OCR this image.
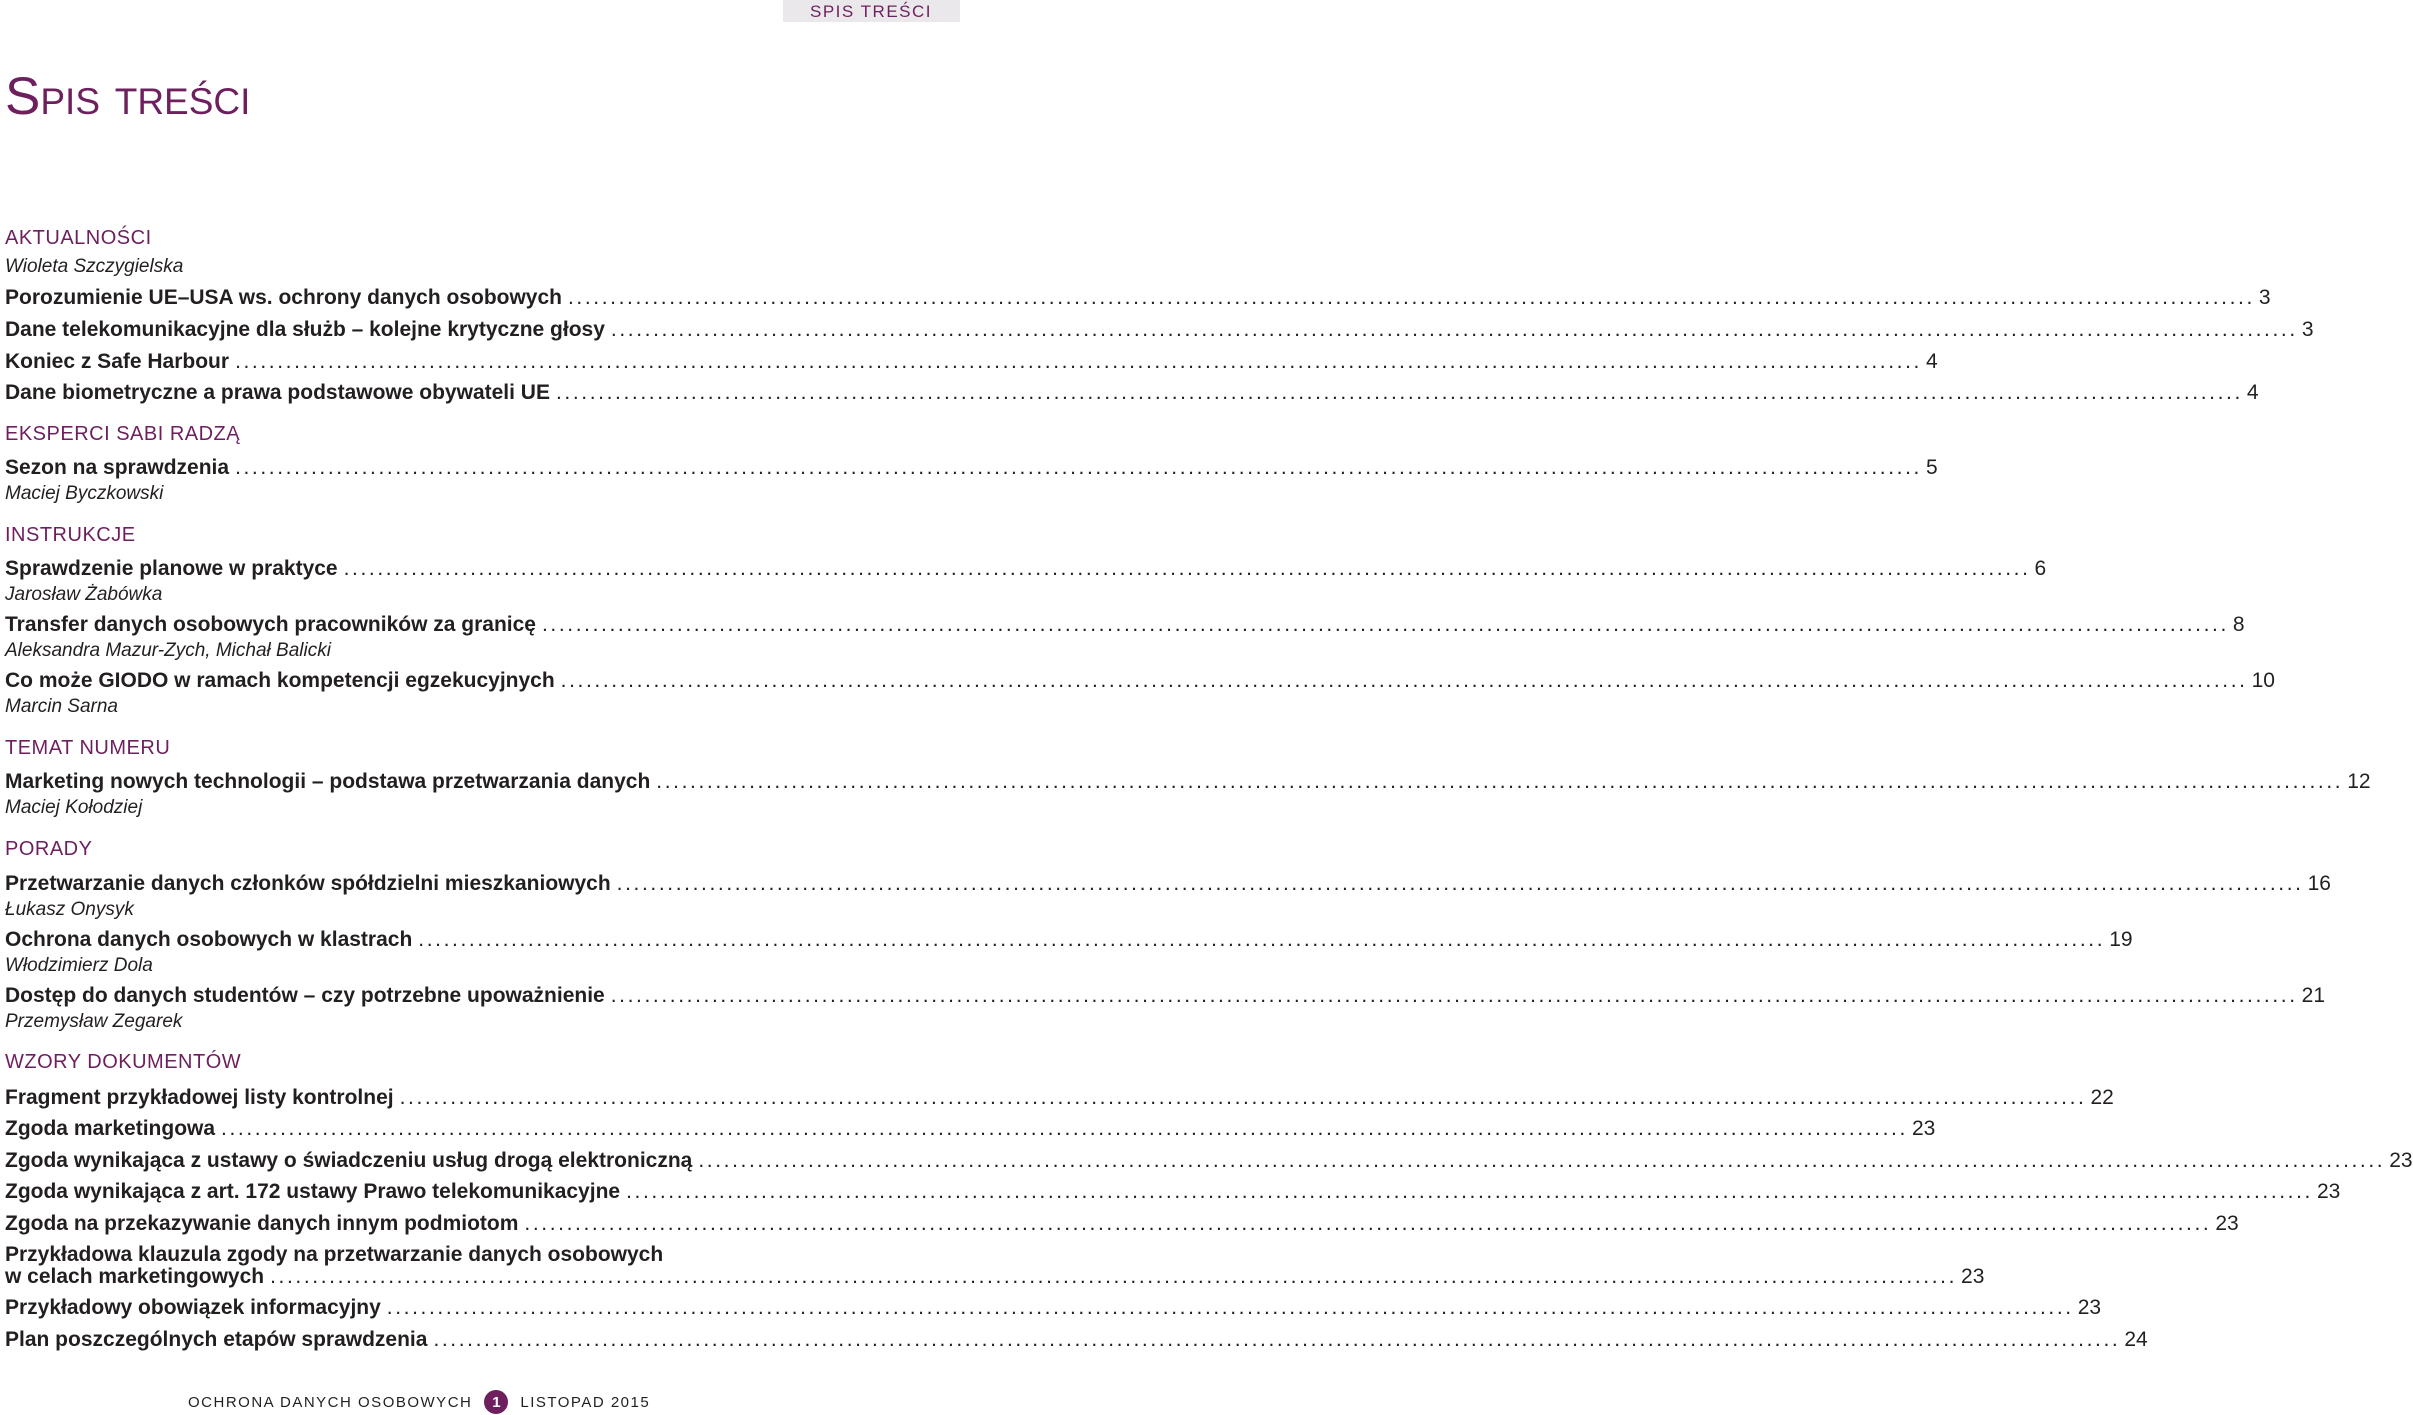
SPIS TREŚCI
Spis treści
AKTUALNOŚCI
Wioleta Szczygielska
Porozumienie UE–USA ws. ochrony danych osobowych ........................................................................................................................................................................................................ 3
Dane telekomunikacyjne dla służb – kolejne krytyczne głosy ........................................................................................................................................................................................................ 3
Koniec z Safe Harbour ........................................................................................................................................................................................................ 4
Dane biometryczne a prawa podstawowe obywateli UE ........................................................................................................................................................................................................ 4
EKSPERCI SABI RADZĄ
Sezon na sprawdzenia ........................................................................................................................................................................................................ 5
Maciej Byczkowski
INSTRUKCJE
Sprawdzenie planowe w praktyce ........................................................................................................................................................................................................ 6
Jarosław Żabówka
Transfer danych osobowych pracowników za granicę ........................................................................................................................................................................................................ 8
Aleksandra Mazur-Zych, Michał Balicki
Co może GIODO w ramach kompetencji egzekucyjnych ........................................................................................................................................................................................................ 10
Marcin Sarna
TEMAT NUMERU
Marketing nowych technologii – podstawa przetwarzania danych ........................................................................................................................................................................................................ 12
Maciej Kołodziej
PORADY
Przetwarzanie danych członków spółdzielni mieszkaniowych ........................................................................................................................................................................................................ 16
Łukasz Onysyk
Ochrona danych osobowych w klastrach ........................................................................................................................................................................................................ 19
Włodzimierz Dola
Dostęp do danych studentów – czy potrzebne upoważnienie ........................................................................................................................................................................................................ 21
Przemysław Zegarek
WZORY DOKUMENTÓW
Fragment przykładowej listy kontrolnej ........................................................................................................................................................................................................ 22
Zgoda marketingowa ........................................................................................................................................................................................................ 23
Zgoda wynikająca z ustawy o świadczeniu usług drogą elektroniczną ........................................................................................................................................................................................................ 23
Zgoda wynikająca z art. 172 ustawy Prawo telekomunikacyjne ........................................................................................................................................................................................................ 23
Zgoda na przekazywanie danych innym podmiotom ........................................................................................................................................................................................................ 23
Przykładowa klauzula zgody na przetwarzanie danych osobowych
w celach marketingowych ........................................................................................................................................................................................................ 23
Przykładowy obowiązek informacyjny ........................................................................................................................................................................................................ 23
Plan poszczególnych etapów sprawdzenia ........................................................................................................................................................................................................ 24
OCHRONA DANYCH OSOBOWYCH	1	LISTOPAD 2015
